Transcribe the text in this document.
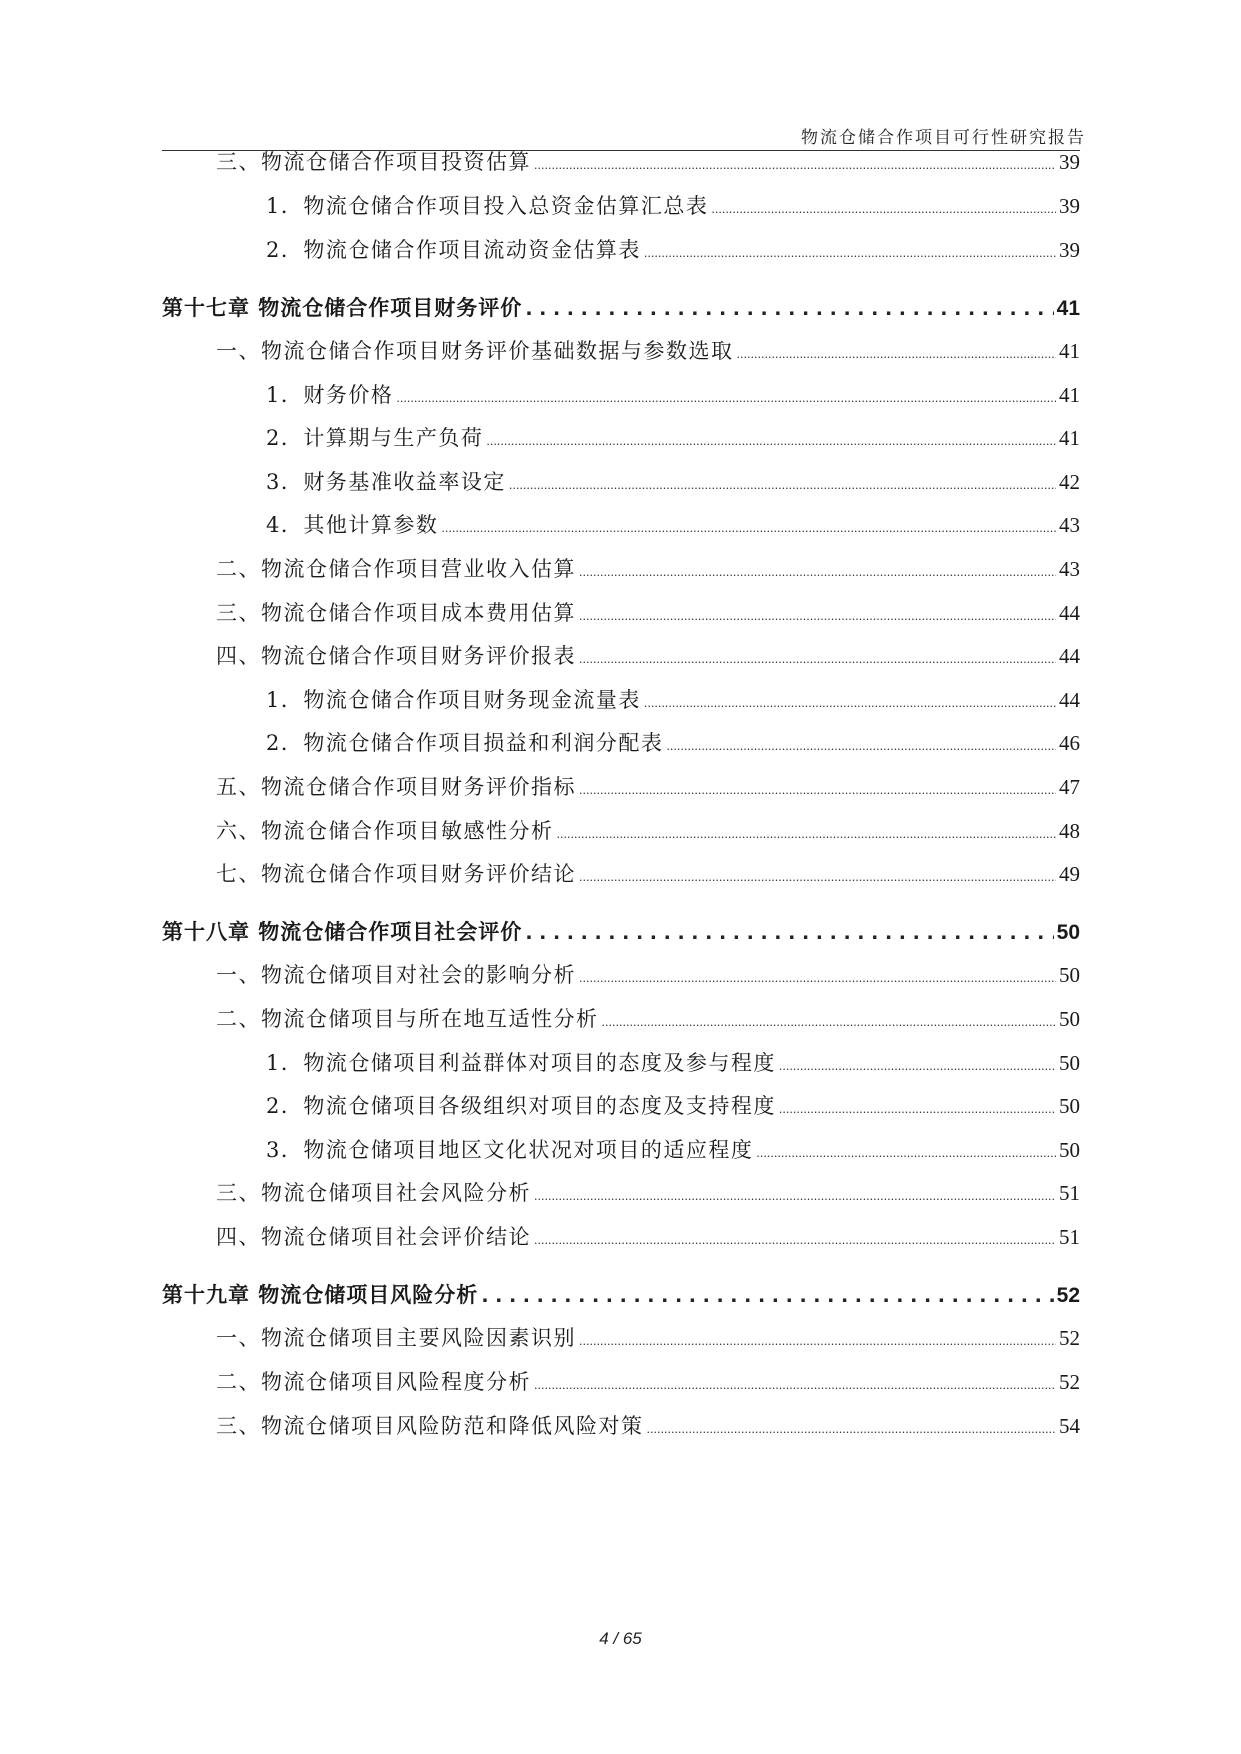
物流仓储合作项目可行性研究报告
三、物流仓储合作项目投资估算 .....	39
1．物流仓储合作项目投入总资金估算汇总表 .....	39
2．物流仓储合作项目流动资金估算表 .....	39
第十七章 物流仓储合作项目财务评价 . . .	41
一、物流仓储合作项目财务评价基础数据与参数选取 .....	41
1．财务价格 .....	41
2．计算期与生产负荷 .....	41
3．财务基准收益率设定 .....	42
4．其他计算参数 .....	43
二、物流仓储合作项目营业收入估算 .....	43
三、物流仓储合作项目成本费用估算 .....	44
四、物流仓储合作项目财务评价报表 .....	44
1．物流仓储合作项目财务现金流量表 .....	44
2．物流仓储合作项目损益和利润分配表 .....	46
五、物流仓储合作项目财务评价指标 .....	47
六、物流仓储合作项目敏感性分析 .....	48
七、物流仓储合作项目财务评价结论 .....	49
第十八章 物流仓储合作项目社会评价 . . .	50
一、物流仓储项目对社会的影响分析 .....	50
二、物流仓储项目与所在地互适性分析 .....	50
1．物流仓储项目利益群体对项目的态度及参与程度 .....	50
2．物流仓储项目各级组织对项目的态度及支持程度 .....	50
3．物流仓储项目地区文化状况对项目的适应程度 .....	50
三、物流仓储项目社会风险分析 .....	51
四、物流仓储项目社会评价结论 .....	51
第十九章 物流仓储项目风险分析 . . .	52
一、物流仓储项目主要风险因素识别 .....	52
二、物流仓储项目风险程度分析 .....	52
三、物流仓储项目风险防范和降低风险对策 .....	54
4 / 65
